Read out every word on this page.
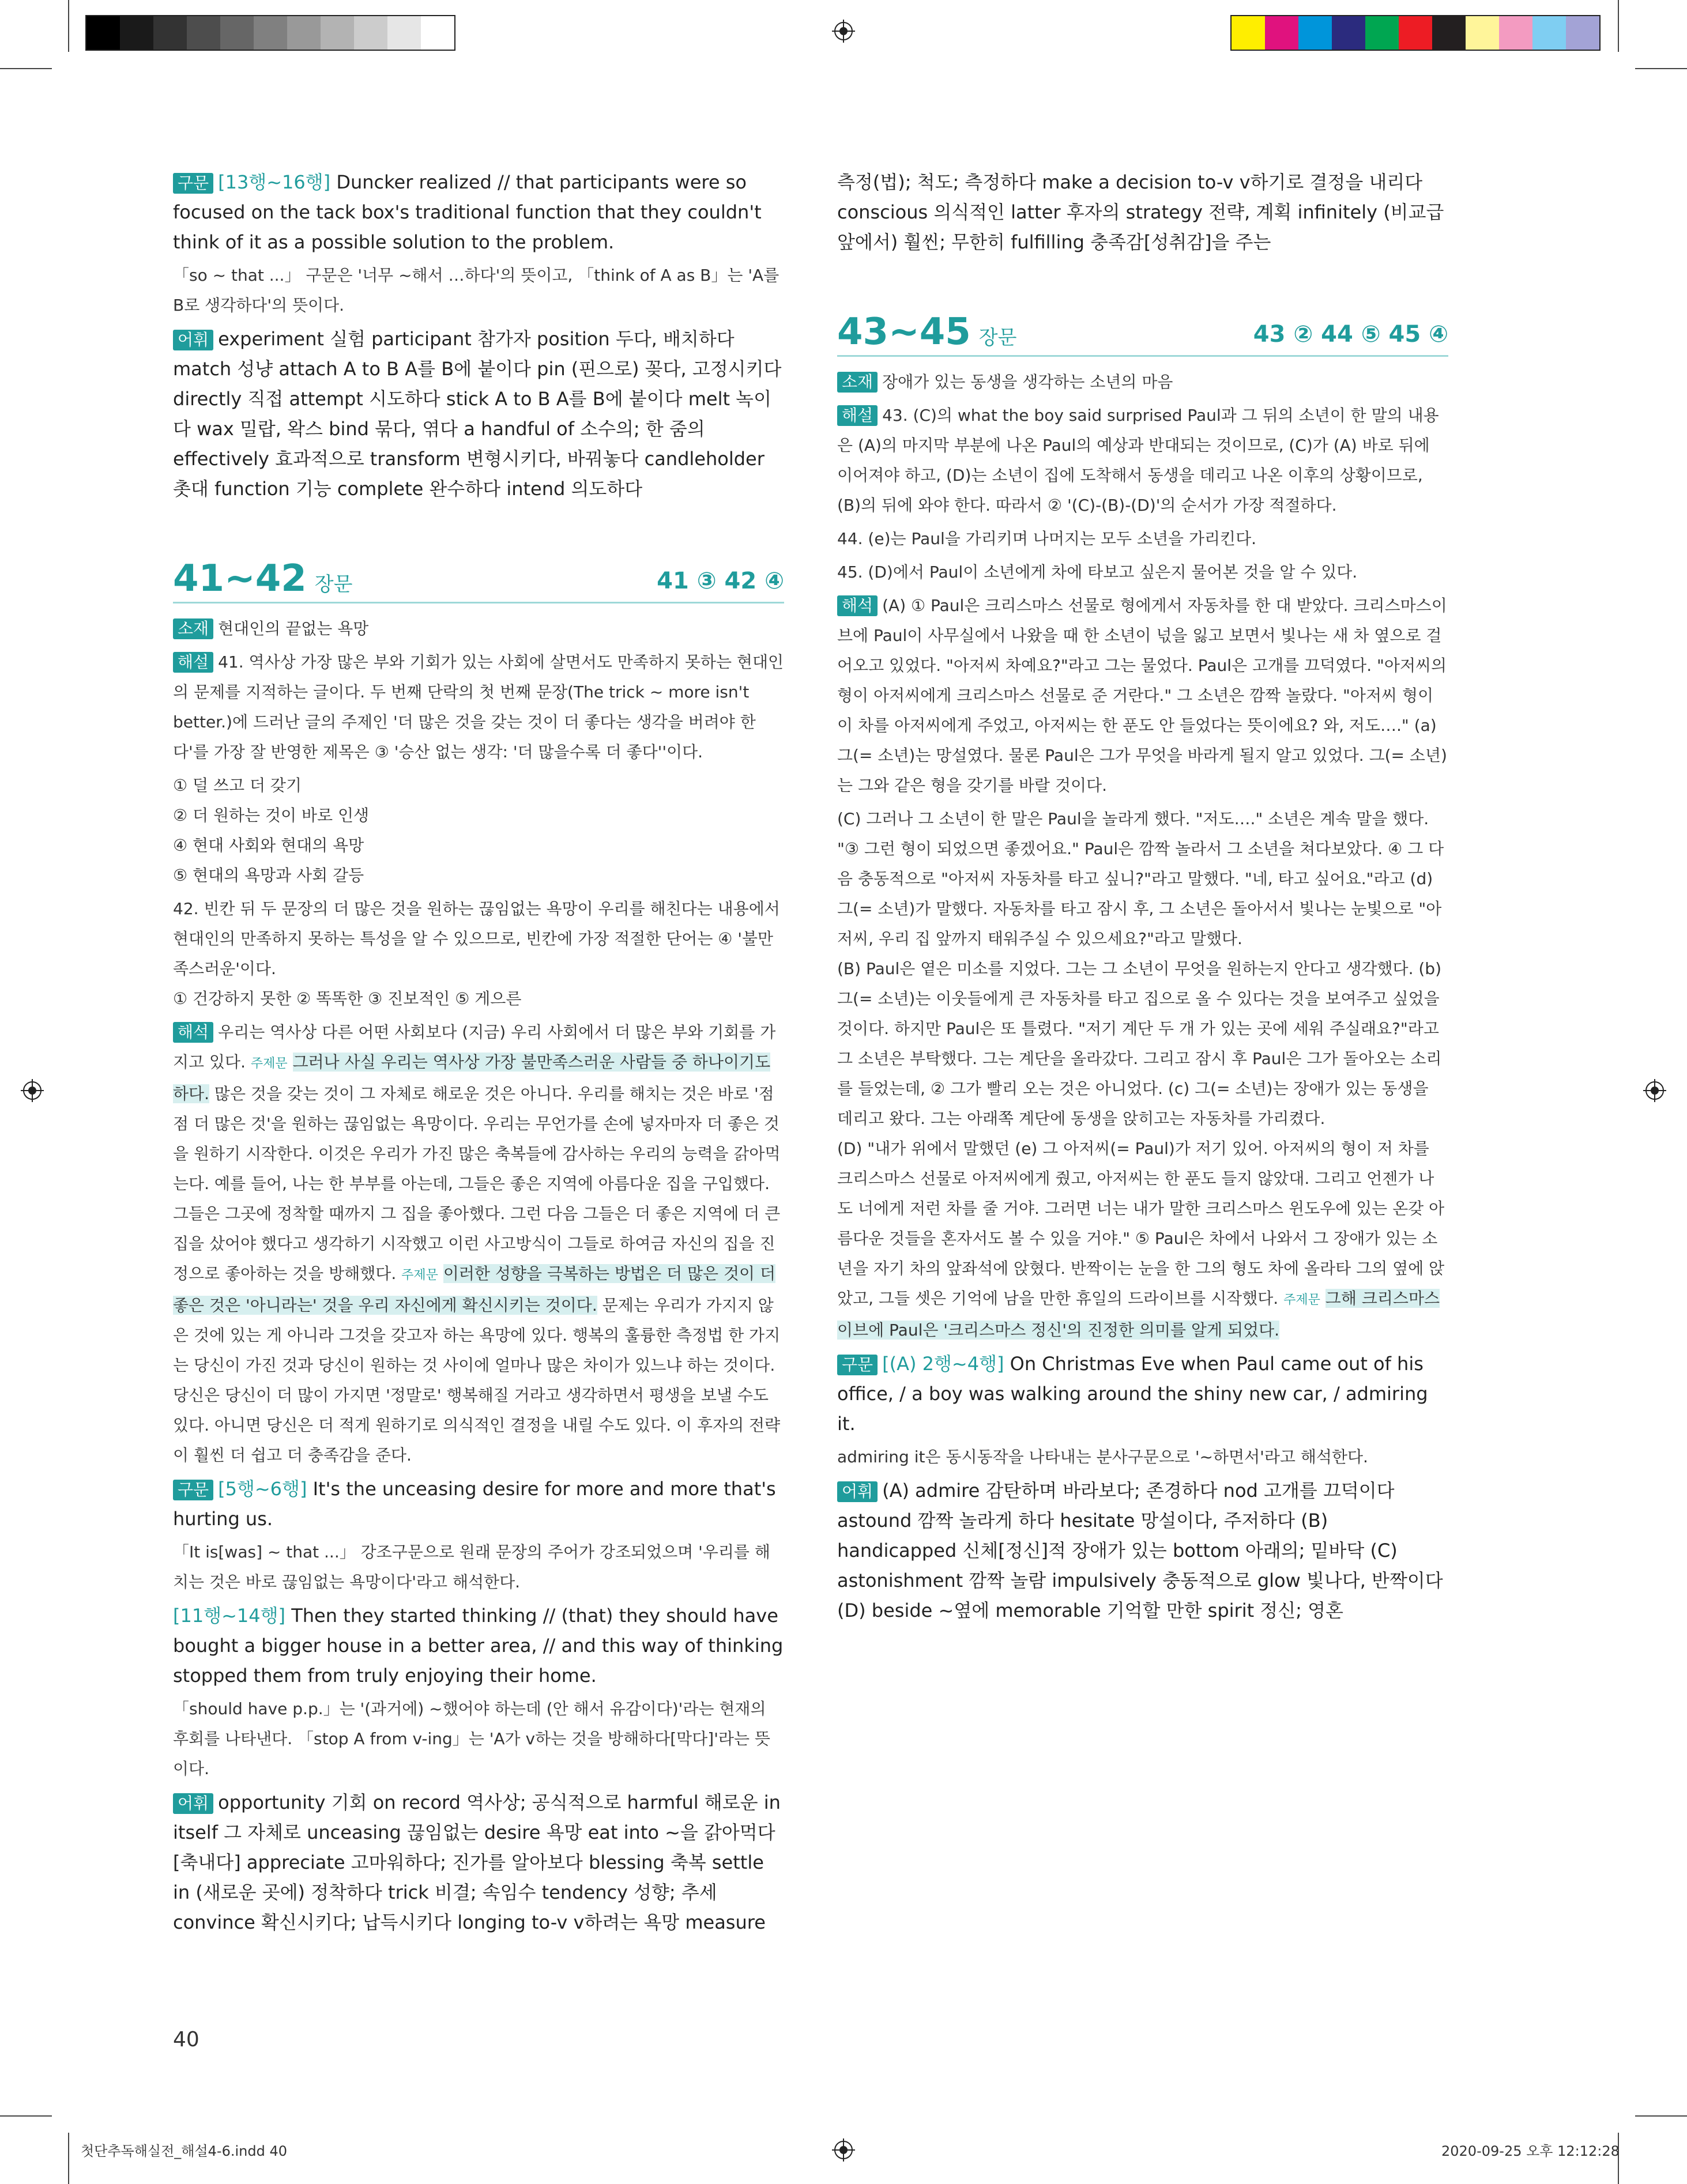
구문 [13행~16행] Duncker realized // that participants were so focused on the tack box's traditional function that they couldn't think of it as a possible solution to the problem.

「so ~ that ...」 구문은 '너무 ~해서 …하다'의 뜻이고, 「think of A as B」는 'A를 B로 생각하다'의 뜻이다.

어휘 experiment 실험 participant 참가자 position 두다, 배치하다 match 성냥 attach A to B A를 B에 붙이다 pin (핀으로) 꽂다, 고정시키다 directly 직접 attempt 시도하다 stick A to B A를 B에 붙이다 melt 녹이다 wax 밀랍, 왁스 bind 묶다, 엮다 a handful of 소수의; 한 줌의 effectively 효과적으로 transform 변형시키다, 바꿔놓다 candleholder 촛대 function 기능 complete 완수하다 intend 의도하다

41~42 장문	41 ③ 42 ④

소재 현대인의 끝없는 욕망

해설 41. 역사상 가장 많은 부와 기회가 있는 사회에 살면서도 만족하지 못하는 현대인의 문제를 지적하는 글이다. 두 번째 단락의 첫 번째 문장(The trick ~ more isn't better.)에 드러난 글의 주제인 '더 많은 것을 갖는 것이 더 좋다는 생각을 버려야 한다'를 가장 잘 반영한 제목은 ③ '승산 없는 생각: '더 많을수록 더 좋다''이다.

① 덜 쓰고 더 갖기

② 더 원하는 것이 바로 인생

④ 현대 사회와 현대의 욕망

⑤ 현대의 욕망과 사회 갈등

42. 빈칸 뒤 두 문장의 더 많은 것을 원하는 끊임없는 욕망이 우리를 해친다는 내용에서 현대인의 만족하지 못하는 특성을 알 수 있으므로, 빈칸에 가장 적절한 단어는 ④ '불만족스러운'이다.

① 건강하지 못한 ② 똑똑한 ③ 진보적인 ⑤ 게으른

해석 우리는 역사상 다른 어떤 사회보다 (지금) 우리 사회에서 더 많은 부와 기회를 가지고 있다. 주제문 그러나 사실 우리는 역사상 가장 불만족스러운 사람들 중 하나이기도 하다. 많은 것을 갖는 것이 그 자체로 해로운 것은 아니다. 우리를 해치는 것은 바로 '점점 더 많은 것'을 원하는 끊임없는 욕망이다. 우리는 무언가를 손에 넣자마자 더 좋은 것을 원하기 시작한다. 이것은 우리가 가진 많은 축복들에 감사하는 우리의 능력을 갉아먹는다. 예를 들어, 나는 한 부부를 아는데, 그들은 좋은 지역에 아름다운 집을 구입했다. 그들은 그곳에 정착할 때까지 그 집을 좋아했다. 그런 다음 그들은 더 좋은 지역에 더 큰 집을 샀어야 했다고 생각하기 시작했고 이런 사고방식이 그들로 하여금 자신의 집을 진정으로 좋아하는 것을 방해했다. 주제문 이러한 성향을 극복하는 방법은 더 많은 것이 더 좋은 것은 '아니라는' 것을 우리 자신에게 확신시키는 것이다. 문제는 우리가 가지지 않은 것에 있는 게 아니라 그것을 갖고자 하는 욕망에 있다. 행복의 훌륭한 측정법 한 가지는 당신이 가진 것과 당신이 원하는 것 사이에 얼마나 많은 차이가 있느냐 하는 것이다. 당신은 당신이 더 많이 가지면 '정말로' 행복해질 거라고 생각하면서 평생을 보낼 수도 있다. 아니면 당신은 더 적게 원하기로 의식적인 결정을 내릴 수도 있다. 이 후자의 전략이 훨씬 더 쉽고 더 충족감을 준다.

구문 [5행~6행] It's the unceasing desire for more and more that's hurting us.

「It is[was] ~ that ...」 강조구문으로 원래 문장의 주어가 강조되었으며 '우리를 해치는 것은 바로 끊임없는 욕망이다'라고 해석한다.

[11행~14행] Then they started thinking // (that) they should have bought a bigger house in a better area, // and this way of thinking stopped them from truly enjoying their home.

「should have p.p.」는 '(과거에) ~했어야 하는데 (안 해서 유감이다)'라는 현재의 후회를 나타낸다. 「stop A from v-ing」는 'A가 v하는 것을 방해하다[막다]'라는 뜻이다.

어휘 opportunity 기회 on record 역사상; 공식적으로 harmful 해로운 in itself 그 자체로 unceasing 끊임없는 desire 욕망 eat into ~을 갉아먹다[축내다] appreciate 고마워하다; 진가를 알아보다 blessing 축복 settle in (새로운 곳에) 정착하다 trick 비결; 속임수 tendency 성향; 추세 convince 확신시키다; 납득시키다 longing to-v v하려는 욕망 measure

측정(법); 척도; 측정하다 make a decision to-v v하기로 결정을 내리다 conscious 의식적인 latter 후자의 strategy 전략, 계획 infinitely (비교급 앞에서) 훨씬; 무한히 fulfilling 충족감[성취감]을 주는

43~45 장문	43 ② 44 ⑤ 45 ④

소재 장애가 있는 동생을 생각하는 소년의 마음

해설 43. (C)의 what the boy said surprised Paul과 그 뒤의 소년이 한 말의 내용은 (A)의 마지막 부분에 나온 Paul의 예상과 반대되는 것이므로, (C)가 (A) 바로 뒤에 이어져야 하고, (D)는 소년이 집에 도착해서 동생을 데리고 나온 이후의 상황이므로, (B)의 뒤에 와야 한다. 따라서 ② '(C)-(B)-(D)'의 순서가 가장 적절하다.

44. (e)는 Paul을 가리키며 나머지는 모두 소년을 가리킨다.

45. (D)에서 Paul이 소년에게 차에 타보고 싶은지 물어본 것을 알 수 있다.

해석 (A) ① Paul은 크리스마스 선물로 형에게서 자동차를 한 대 받았다. 크리스마스이브에 Paul이 사무실에서 나왔을 때 한 소년이 넋을 잃고 보면서 빛나는 새 차 옆으로 걸어오고 있었다. "아저씨 차예요?"라고 그는 물었다. Paul은 고개를 끄덕였다. "아저씨의 형이 아저씨에게 크리스마스 선물로 준 거란다." 그 소년은 깜짝 놀랐다. "아저씨 형이 이 차를 아저씨에게 주었고, 아저씨는 한 푼도 안 들었다는 뜻이에요? 와, 저도…." (a) 그(= 소년)는 망설였다. 물론 Paul은 그가 무엇을 바라게 될지 알고 있었다. 그(= 소년)는 그와 같은 형을 갖기를 바랄 것이다.

(C) 그러나 그 소년이 한 말은 Paul을 놀라게 했다. "저도…." 소년은 계속 말을 했다. "③ 그런 형이 되었으면 좋겠어요." Paul은 깜짝 놀라서 그 소년을 쳐다보았다. ④ 그 다음 충동적으로 "아저씨 자동차를 타고 싶니?"라고 말했다. "네, 타고 싶어요."라고 (d) 그(= 소년)가 말했다. 자동차를 타고 잠시 후, 그 소년은 돌아서서 빛나는 눈빛으로 "아저씨, 우리 집 앞까지 태워주실 수 있으세요?"라고 말했다.

(B) Paul은 옅은 미소를 지었다. 그는 그 소년이 무엇을 원하는지 안다고 생각했다. (b) 그(= 소년)는 이웃들에게 큰 자동차를 타고 집으로 올 수 있다는 것을 보여주고 싶었을 것이다. 하지만 Paul은 또 틀렸다. "저기 계단 두 개 가 있는 곳에 세워 주실래요?"라고 그 소년은 부탁했다. 그는 계단을 올라갔다. 그리고 잠시 후 Paul은 그가 돌아오는 소리를 들었는데, ② 그가 빨리 오는 것은 아니었다. (c) 그(= 소년)는 장애가 있는 동생을 데리고 왔다. 그는 아래쪽 계단에 동생을 앉히고는 자동차를 가리켰다.

(D) "내가 위에서 말했던 (e) 그 아저씨(= Paul)가 저기 있어. 아저씨의 형이 저 차를 크리스마스 선물로 아저씨에게 줬고, 아저씨는 한 푼도 들지 않았대. 그리고 언젠가 나도 너에게 저런 차를 줄 거야. 그러면 너는 내가 말한 크리스마스 윈도우에 있는 온갖 아름다운 것들을 혼자서도 볼 수 있을 거야." ⑤ Paul은 차에서 나와서 그 장애가 있는 소년을 자기 차의 앞좌석에 앉혔다. 반짝이는 눈을 한 그의 형도 차에 올라타 그의 옆에 앉았고, 그들 셋은 기억에 남을 만한 휴일의 드라이브를 시작했다. 주제문 그해 크리스마스이브에 Paul은 '크리스마스 정신'의 진정한 의미를 알게 되었다.

구문 [(A) 2행~4행] On Christmas Eve when Paul came out of his office, / a boy was walking around the shiny new car, / admiring it.

admiring it은 동시동작을 나타내는 분사구문으로 '~하면서'라고 해석한다.

어휘 (A) admire 감탄하며 바라보다; 존경하다 nod 고개를 끄덕이다 astound 깜짝 놀라게 하다 hesitate 망설이다, 주저하다 (B) handicapped 신체[정신]적 장애가 있는 bottom 아래의; 밑바닥 (C) astonishment 깜짝 놀람 impulsively 충동적으로 glow 빛나다, 반짝이다 (D) beside ~옆에 memorable 기억할 만한 spirit 정신; 영혼

40
첫단추독해실전_해설4-6.indd 40	2020-09-25 오후 12:12:28
